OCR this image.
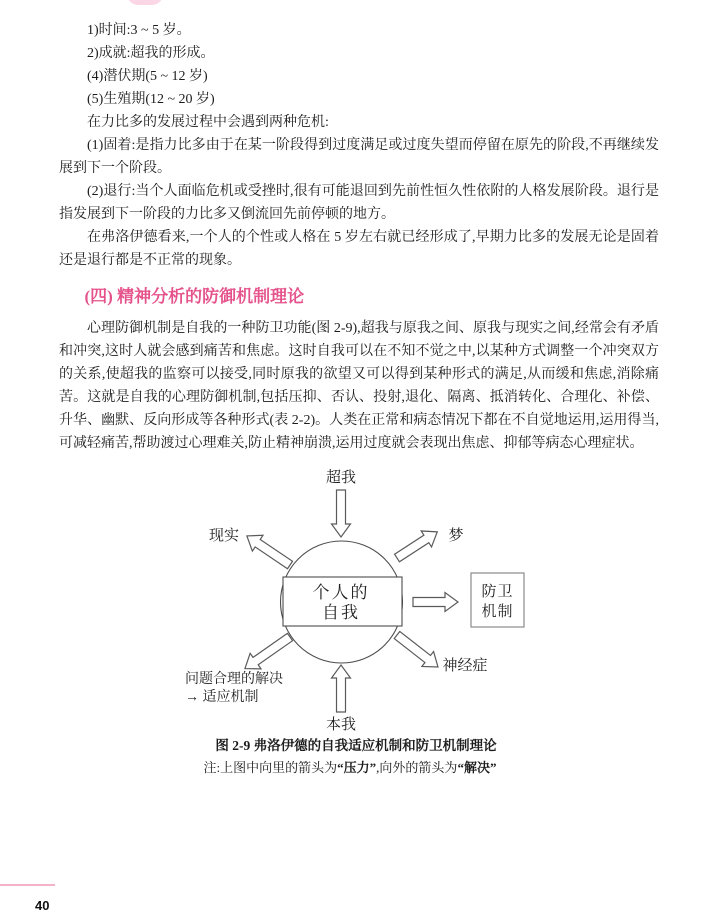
1)时间:3 ~ 5 岁。

2)成就:超我的形成。

(4)潜伏期(5 ~ 12 岁)

(5)生殖期(12 ~ 20 岁)

在力比多的发展过程中会遇到两种危机:

(1)固着:是指力比多由于在某一阶段得到过度满足或过度失望而停留在原先的阶段,不再继续发展到下一个阶段。

(2)退行:当个人面临危机或受挫时,很有可能退回到先前性恒久性依附的人格发展阶段。退行是指发展到下一阶段的力比多又倒流回先前停顿的地方。

在弗洛伊德看来,一个人的个性或人格在 5 岁左右就已经形成了,早期力比多的发展无论是固着还是退行都是不正常的现象。

(四) 精神分析的防御机制理论

心理防御机制是自我的一种防卫功能(图 2-9),超我与原我之间、原我与现实之间,经常会有矛盾和冲突,这时人就会感到痛苦和焦虑。这时自我可以在不知不觉之中,以某种方式调整一个冲突双方的关系,使超我的监察可以接受,同时原我的欲望又可以得到某种形式的满足,从而缓和焦虑,消除痛苦。这就是自我的心理防御机制,包括压抑、否认、投射,退化、隔离、抵消转化、合理化、补偿、升华、幽默、反向形成等各种形式(表 2-2)。人类在正常和病态情况下都在不自觉地运用,运用得当,可减轻痛苦,帮助渡过心理难关,防止精神崩溃,运用过度就会表现出焦虑、抑郁等病态心理症状。

个人的
自我
防卫
机制
超我
现实	梦
神经症
问题合理的解决
→ 适应机制
本我
图 2-9 弗洛伊德的自我适应机制和防卫机制理论
注:上图中向里的箭头为“压力”,向外的箭头为“解决”
40
